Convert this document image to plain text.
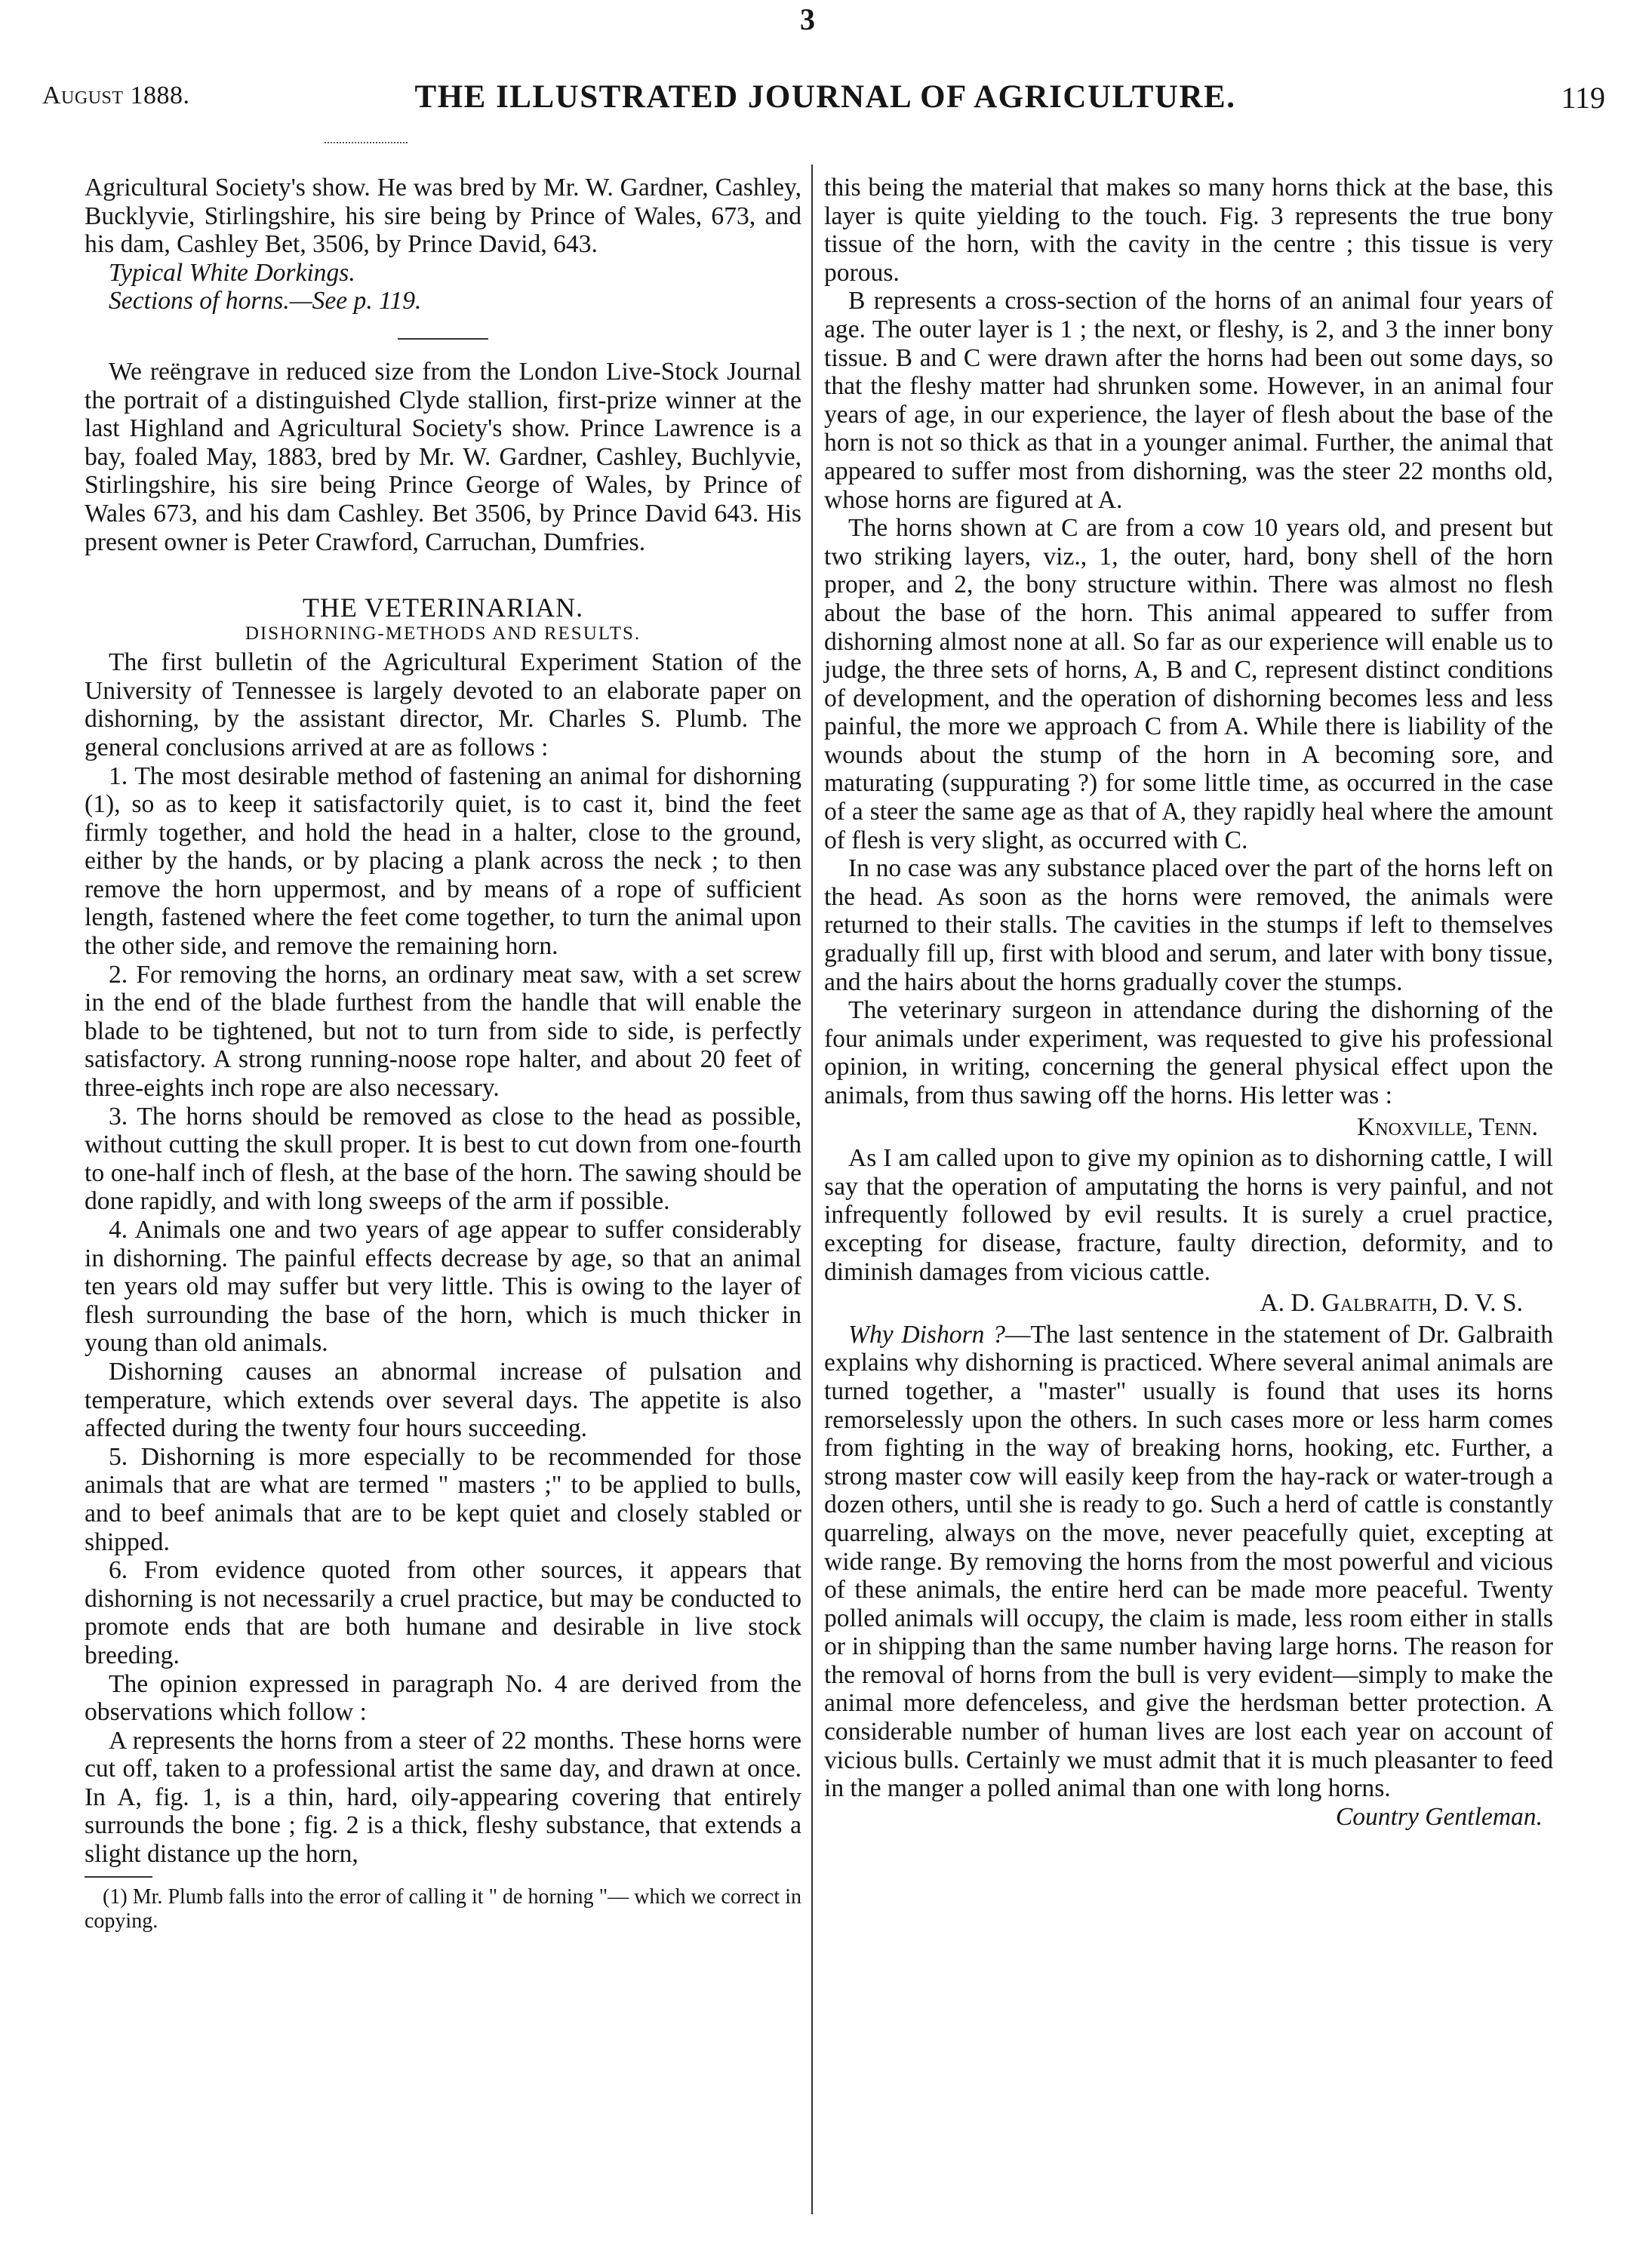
3
August 1888.	THE ILLUSTRATED JOURNAL OF AGRICULTURE.	119

Agricultural Society's show. He was bred by Mr. W. Gardner, Cashley, Bucklyvie, Stirlingshire, his sire being by Prince of Wales, 673, and his dam, Cashley Bet, 3506, by Prince David, 643.

Typical White Dorkings.

Sections of horns.—See p. 119.

We reëngrave in reduced size from the London Live-Stock Journal the portrait of a distinguished Clyde stallion, first-prize winner at the last Highland and Agricultural Society's show. Prince Lawrence is a bay, foaled May, 1883, bred by Mr. W. Gardner, Cashley, Buchlyvie, Stirlingshire, his sire being Prince George of Wales, by Prince of Wales 673, and his dam Cashley. Bet 3506, by Prince David 643. His present owner is Peter Crawford, Carruchan, Dumfries.

THE VETERINARIAN.
DISHORNING-METHODS AND RESULTS.

The first bulletin of the Agricultural Experiment Station of the University of Tennessee is largely devoted to an elaborate paper on dishorning, by the assistant director, Mr. Charles S. Plumb. The general conclusions arrived at are as follows :

1. The most desirable method of fastening an animal for dishorning (1), so as to keep it satisfactorily quiet, is to cast it, bind the feet firmly together, and hold the head in a halter, close to the ground, either by the hands, or by placing a plank across the neck ; to then remove the horn uppermost, and by means of a rope of sufficient length, fastened where the feet come together, to turn the animal upon the other side, and remove the remaining horn.

2. For removing the horns, an ordinary meat saw, with a set screw in the end of the blade furthest from the handle that will enable the blade to be tightened, but not to turn from side to side, is perfectly satisfactory. A strong running-noose rope halter, and about 20 feet of three-eights inch rope are also necessary.

3. The horns should be removed as close to the head as possible, without cutting the skull proper. It is best to cut down from one-fourth to one-half inch of flesh, at the base of the horn. The sawing should be done rapidly, and with long sweeps of the arm if possible.

4. Animals one and two years of age appear to suffer considerably in dishorning. The painful effects decrease by age, so that an animal ten years old may suffer but very little. This is owing to the layer of flesh surrounding the base of the horn, which is much thicker in young than old animals.

Dishorning causes an abnormal increase of pulsation and temperature, which extends over several days. The appetite is also affected during the twenty four hours succeeding.

5. Dishorning is more especially to be recommended for those animals that are what are termed " masters ;" to be applied to bulls, and to beef animals that are to be kept quiet and closely stabled or shipped.

6. From evidence quoted from other sources, it appears that dishorning is not necessarily a cruel practice, but may be conducted to promote ends that are both humane and desirable in live stock breeding.

The opinion expressed in paragraph No. 4 are derived from the observations which follow :

A represents the horns from a steer of 22 months. These horns were cut off, taken to a professional artist the same day, and drawn at once. In A, fig. 1, is a thin, hard, oily-appearing covering that entirely surrounds the bone ; fig. 2 is a thick, fleshy substance, that extends a slight distance up the horn,

(1) Mr. Plumb falls into the error of calling it " de horning "— which we correct in copying.

this being the material that makes so many horns thick at the base, this layer is quite yielding to the touch. Fig. 3 represents the true bony tissue of the horn, with the cavity in the centre ; this tissue is very porous.

B represents a cross-section of the horns of an animal four years of age. The outer layer is 1 ; the next, or fleshy, is 2, and 3 the inner bony tissue. B and C were drawn after the horns had been out some days, so that the fleshy matter had shrunken some. However, in an animal four years of age, in our experience, the layer of flesh about the base of the horn is not so thick as that in a younger animal. Further, the animal that appeared to suffer most from dishorning, was the steer 22 months old, whose horns are figured at A.

The horns shown at C are from a cow 10 years old, and present but two striking layers, viz., 1, the outer, hard, bony shell of the horn proper, and 2, the bony structure within. There was almost no flesh about the base of the horn. This animal appeared to suffer from dishorning almost none at all. So far as our experience will enable us to judge, the three sets of horns, A, B and C, represent distinct conditions of development, and the operation of dishorning becomes less and less painful, the more we approach C from A. While there is liability of the wounds about the stump of the horn in A becoming sore, and maturating (suppurating ?) for some little time, as occurred in the case of a steer the same age as that of A, they rapidly heal where the amount of flesh is very slight, as occurred with C.

In no case was any substance placed over the part of the horns left on the head. As soon as the horns were removed, the animals were returned to their stalls. The cavities in the stumps if left to themselves gradually fill up, first with blood and serum, and later with bony tissue, and the hairs about the horns gradually cover the stumps.

The veterinary surgeon in attendance during the dishorning of the four animals under experiment, was requested to give his professional opinion, in writing, concerning the general physical effect upon the animals, from thus sawing off the horns. His letter was :

Knoxville, Tenn.

As I am called upon to give my opinion as to dishorning cattle, I will say that the operation of amputating the horns is very painful, and not infrequently followed by evil results. It is surely a cruel practice, excepting for disease, fracture, faulty direction, deformity, and to diminish damages from vicious cattle.

A. D. Galbraith, D. V. S.

Why Dishorn ?—The last sentence in the statement of Dr. Galbraith explains why dishorning is practiced. Where several animal animals are turned together, a "master" usually is found that uses its horns remorselessly upon the others. In such cases more or less harm comes from fighting in the way of breaking horns, hooking, etc. Further, a strong master cow will easily keep from the hay-rack or water-trough a dozen others, until she is ready to go. Such a herd of cattle is constantly quarreling, always on the move, never peacefully quiet, excepting at wide range. By removing the horns from the most powerful and vicious of these animals, the entire herd can be made more peaceful. Twenty polled animals will occupy, the claim is made, less room either in stalls or in shipping than the same number having large horns. The reason for the removal of horns from the bull is very evident—simply to make the animal more defenceless, and give the herdsman better protection. A considerable number of human lives are lost each year on account of vicious bulls. Certainly we must admit that it is much pleasanter to feed in the manger a polled animal than one with long horns.

Country Gentleman.
